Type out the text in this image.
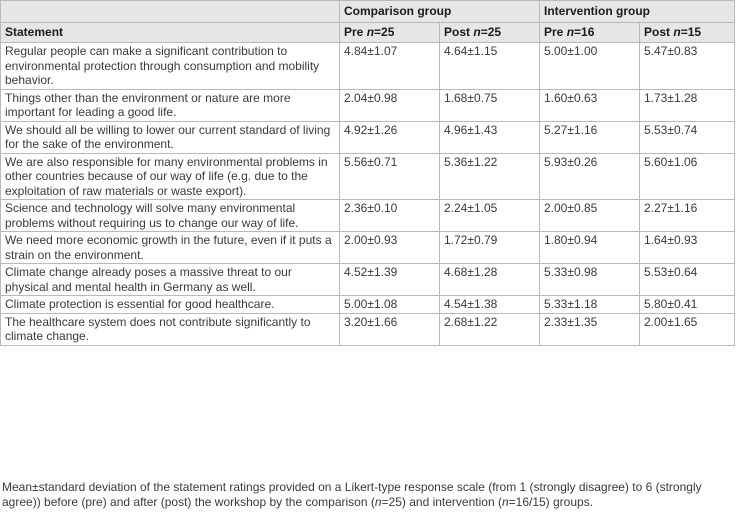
	Comparison group		Intervention group	
Statement	Pre n=25	Post n=25	Pre n=16	Post n=15
Regular people can make a significant contribution to environmental protection through consumption and mobility behavior.	4.84±1.07	4.64±1.15	5.00±1.00	5.47±0.83
Things other than the environment or nature are more important for leading a good life.	2.04±0.98	1.68±0.75	1.60±0.63	1.73±1.28
We should all be willing to lower our current standard of living for the sake of the environment.	4.92±1.26	4.96±1.43	5.27±1.16	5.53±0.74
We are also responsible for many environmental problems in other countries because of our way of life (e.g. due to the exploitation of raw materials or waste export).	5.56±0.71	5.36±1.22	5.93±0.26	5.60±1.06
Science and technology will solve many environmental problems without requiring us to change our way of life.	2.36±0.10	2.24±1.05	2.00±0.85	2.27±1.16
We need more economic growth in the future, even if it puts a strain on the environment.	2.00±0.93	1.72±0.79	1.80±0.94	1.64±0.93
Climate change already poses a massive threat to our physical and mental health in Germany as well.	4.52±1.39	4.68±1.28	5.33±0.98	5.53±0.64
Climate protection is essential for good healthcare.	5.00±1.08	4.54±1.38	5.33±1.18	5.80±0.41
The healthcare system does not contribute significantly to climate change.	3.20±1.66	2.68±1.22	2.33±1.35	2.00±1.65
Mean±standard deviation of the statement ratings provided on a Likert-type response scale (from 1 (strongly disagree) to 6 (strongly agree)) before (pre) and after (post) the workshop by the comparison (n=25) and intervention (n=16/15) groups.
